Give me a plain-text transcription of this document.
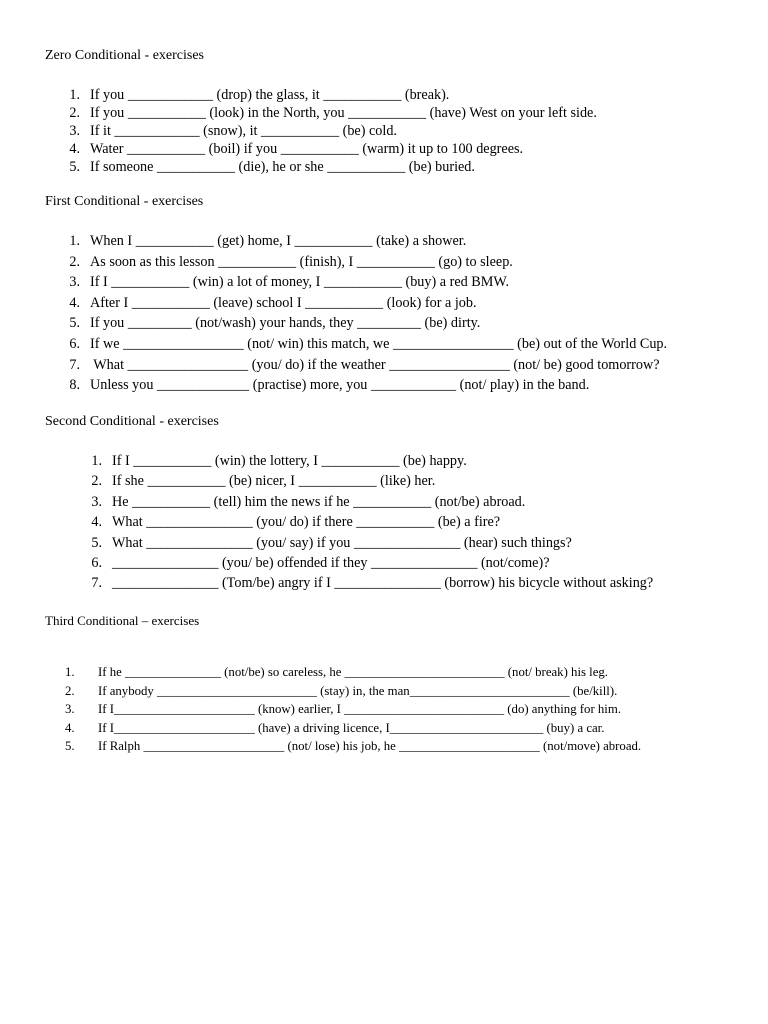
Zero Conditional - exercises
1. If you ____________ (drop) the glass, it ___________ (break).
2. If you ___________ (look) in the North, you ___________ (have) West on your left side.
3. If it ____________ (snow), it ___________ (be) cold.
4. Water ___________ (boil) if you ___________ (warm) it up to 100 degrees.
5. If someone ___________ (die), he or she ___________ (be) buried.
First Conditional - exercises
1. When I ___________ (get) home, I ___________ (take) a shower.
2. As soon as this lesson ___________ (finish), I ___________ (go) to sleep.
3. If I ___________ (win) a lot of money, I ___________ (buy) a red BMW.
4. After I ___________ (leave) school I ___________ (look) for a job.
5. If you _________ (not/wash) your hands, they _________ (be) dirty.
6. If we _________________ (not/ win) this match, we _________________ (be) out of the World Cup.
7. What _________________ (you/ do) if the weather _________________ (not/ be) good tomorrow?
8. Unless you _____________ (practise) more, you ____________ (not/ play) in the band.
Second Conditional - exercises
1. If I ___________ (win) the lottery, I ___________ (be) happy.
2. If she ___________ (be) nicer, I ___________ (like) her.
3. He ___________ (tell) him the news if he ___________ (not/be) abroad.
4. What _______________ (you/ do) if there ___________ (be) a fire?
5. What _______________ (you/ say) if you _______________ (hear) such things?
6. _______________ (you/ be) offended if they _______________ (not/come)?
7. _______________ (Tom/be) angry if I _______________ (borrow) his bicycle without asking?
Third Conditional – exercises
1.	If he _______________ (not/be) so careless, he _________________________ (not/ break) his leg.
2.	If anybody _________________________ (stay) in, the man_________________________ (be/kill).
3.	If I______________________ (know) earlier, I _________________________ (do) anything for him.
4.	If I______________________ (have) a driving licence, I________________________ (buy) a car.
5.	If Ralph ______________________ (not/ lose) his job, he ______________________ (not/move) abroad.
